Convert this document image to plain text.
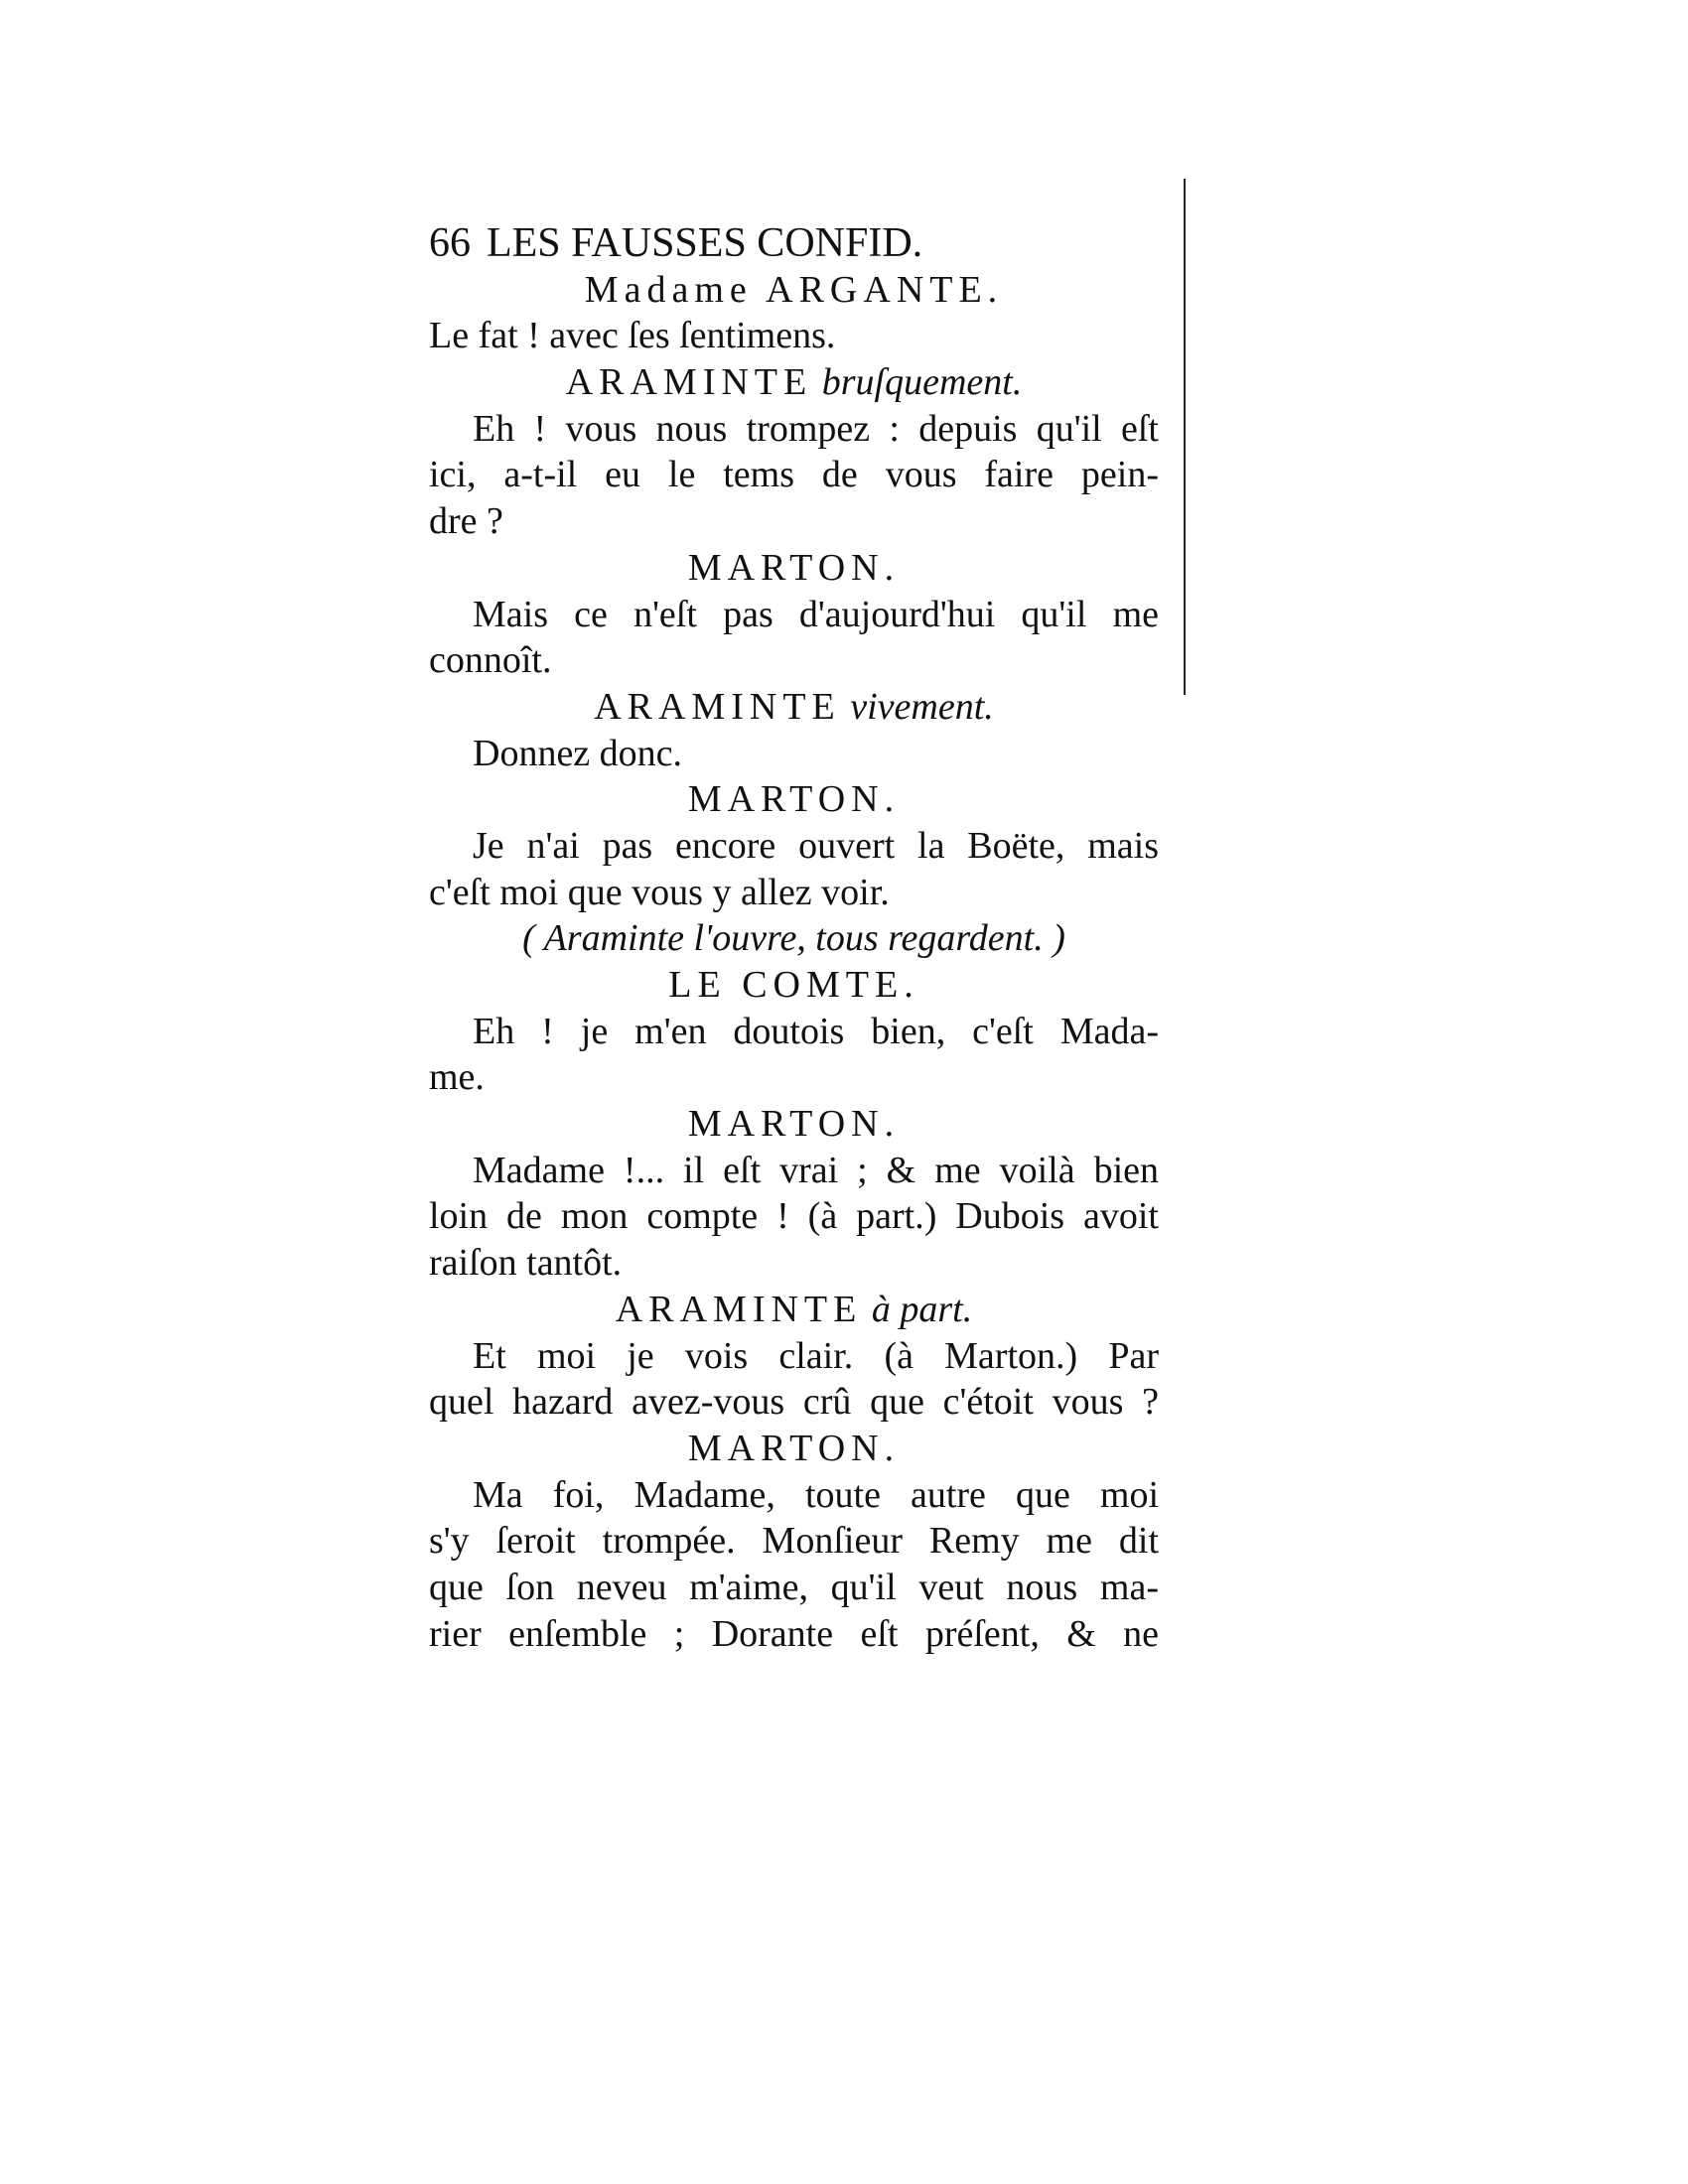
66 LES FAUSSES CONFID.
Madame ARGANTE.
Le fat ! avec ſes ſentimens.
ARAMINTE bruſquement.
Eh ! vous nous trompez : depuis qu'il eſt
ici, a-t-il eu le tems de vous faire pein-
dre ?
MARTON.
Mais ce n'eſt pas d'aujourd'hui qu'il me
connoît.
ARAMINTE vivement.
Donnez donc.
MARTON.
Je n'ai pas encore ouvert la Boëte, mais
c'eſt moi que vous y allez voir.
( Araminte l'ouvre, tous regardent. )
LE COMTE.
Eh ! je m'en doutois bien, c'eſt Mada-
me.
MARTON.
Madame !... il eſt vrai ; & me voilà bien
loin de mon compte ! (à part.) Dubois avoit
raiſon tantôt.
ARAMINTE à part.
Et moi je vois clair. (à Marton.) Par
quel hazard avez-vous crû que c'étoit vous ?
MARTON.
Ma foi, Madame, toute autre que moi
s'y ſeroit trompée. Monſieur Remy me dit
que ſon neveu m'aime, qu'il veut nous ma-
rier enſemble ; Dorante eſt préſent, & ne
